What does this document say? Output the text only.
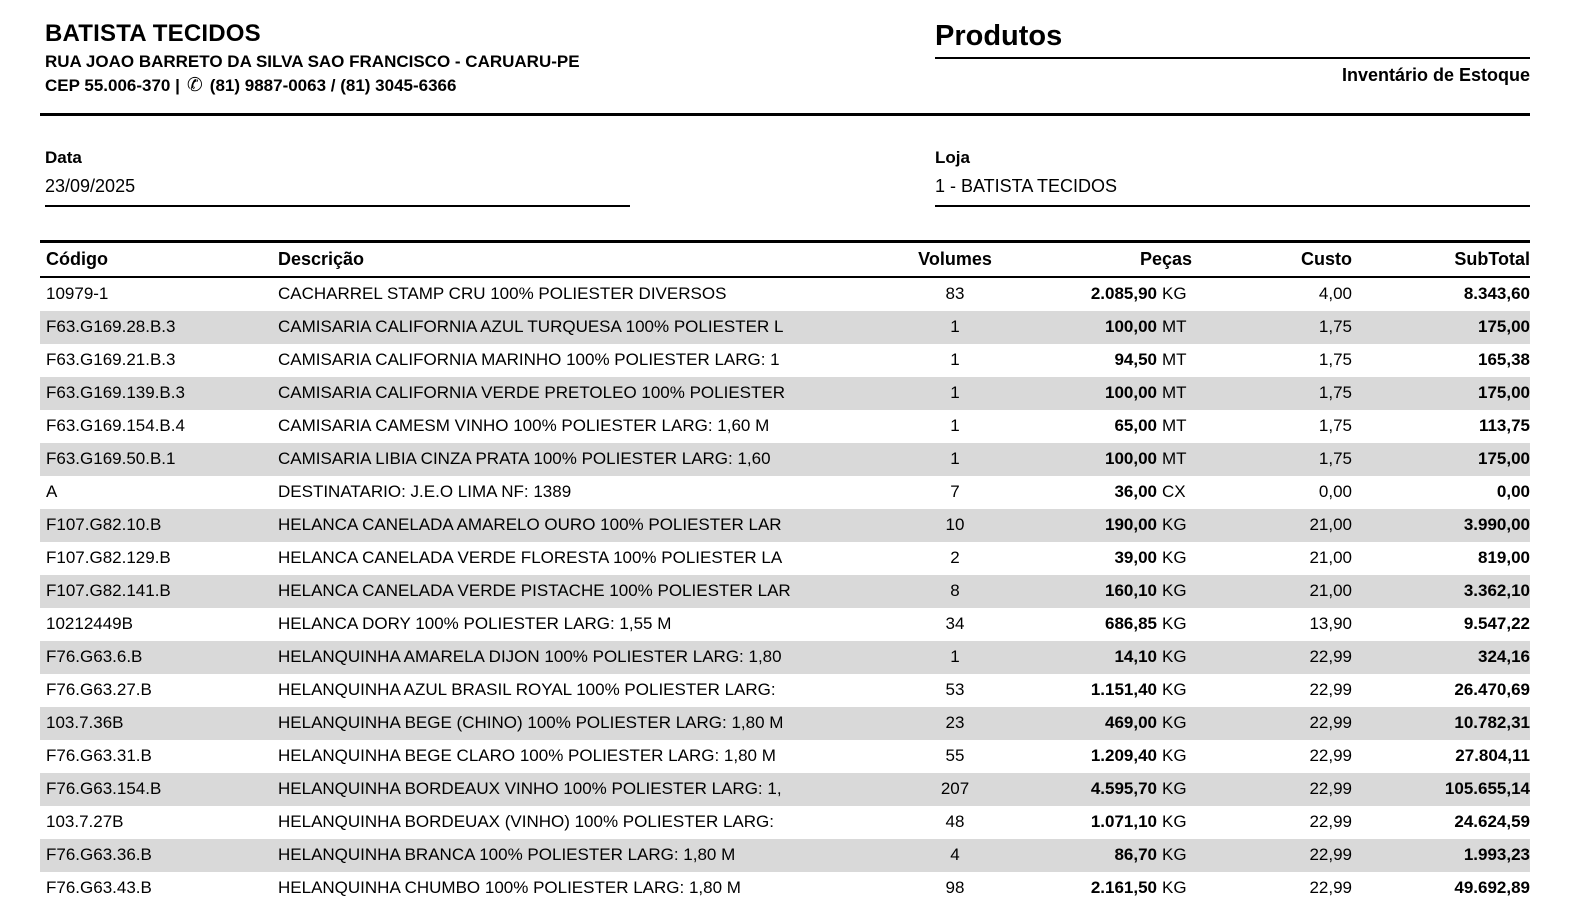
BATISTA TECIDOS
RUA JOAO BARRETO DA SILVA SAO FRANCISCO - CARUARU-PE
CEP 55.006-370 | ✆ (81) 9887-0063 / (81) 3045-6366
Produtos
Inventário de Estoque
Data
23/09/2025
Loja
1 - BATISTA TECIDOS
Código	Descrição	Volumes	Peças	Custo	SubTotal
10979-1	CACHARREL STAMP CRU 100% POLIESTER DIVERSOS	83	2.085,90 KG	4,00	8.343,60
F63.G169.28.B.3	CAMISARIA CALIFORNIA AZUL TURQUESA 100% POLIESTER L	1	100,00 MT	1,75	175,00
F63.G169.21.B.3	CAMISARIA CALIFORNIA MARINHO 100% POLIESTER LARG: 1	1	94,50 MT	1,75	165,38
F63.G169.139.B.3	CAMISARIA CALIFORNIA VERDE PRETOLEO 100% POLIESTER	1	100,00 MT	1,75	175,00
F63.G169.154.B.4	CAMISARIA CAMESM VINHO 100% POLIESTER LARG: 1,60 M	1	65,00 MT	1,75	113,75
F63.G169.50.B.1	CAMISARIA LIBIA CINZA PRATA 100% POLIESTER LARG: 1,60	1	100,00 MT	1,75	175,00
A	DESTINATARIO: J.E.O LIMA NF: 1389	7	36,00 CX	0,00	0,00
F107.G82.10.B	HELANCA CANELADA AMARELO OURO 100% POLIESTER LAR	10	190,00 KG	21,00	3.990,00
F107.G82.129.B	HELANCA CANELADA VERDE FLORESTA 100% POLIESTER LA	2	39,00 KG	21,00	819,00
F107.G82.141.B	HELANCA CANELADA VERDE PISTACHE 100% POLIESTER LAR	8	160,10 KG	21,00	3.362,10
10212449B	HELANCA DORY 100% POLIESTER LARG: 1,55 M	34	686,85 KG	13,90	9.547,22
F76.G63.6.B	HELANQUINHA AMARELA DIJON 100% POLIESTER LARG: 1,80	1	14,10 KG	22,99	324,16
F76.G63.27.B	HELANQUINHA AZUL BRASIL ROYAL 100% POLIESTER LARG:	53	1.151,40 KG	22,99	26.470,69
103.7.36B	HELANQUINHA BEGE (CHINO) 100% POLIESTER LARG: 1,80 M	23	469,00 KG	22,99	10.782,31
F76.G63.31.B	HELANQUINHA BEGE CLARO 100% POLIESTER LARG: 1,80 M	55	1.209,40 KG	22,99	27.804,11
F76.G63.154.B	HELANQUINHA BORDEAUX VINHO 100% POLIESTER LARG: 1,	207	4.595,70 KG	22,99	105.655,14
103.7.27B	HELANQUINHA BORDEUAX (VINHO) 100% POLIESTER LARG:	48	1.071,10 KG	22,99	24.624,59
F76.G63.36.B	HELANQUINHA BRANCA 100% POLIESTER LARG: 1,80 M	4	86,70 KG	22,99	1.993,23
F76.G63.43.B	HELANQUINHA CHUMBO 100% POLIESTER LARG: 1,80 M	98	2.161,50 KG	22,99	49.692,89
